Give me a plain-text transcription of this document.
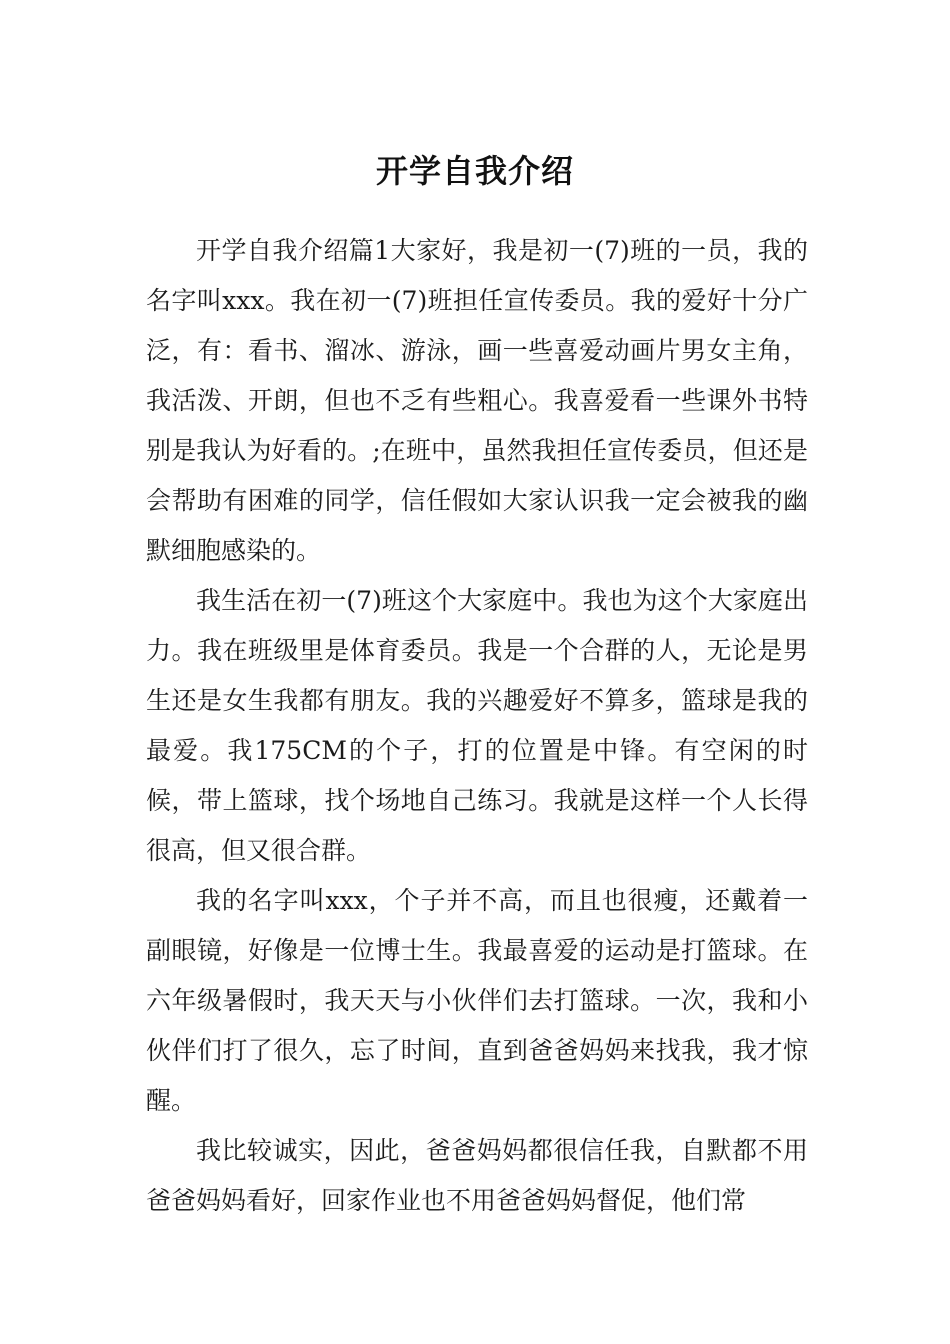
开学自我介绍

开学自我介绍篇1大家好，我是初一(7)班的一员，我的名字叫xxx。我在初一(7)班担任宣传委员。我的爱好十分广泛，有：看书、溜冰、游泳，画一些喜爱动画片男女主角，我活泼、开朗，但也不乏有些粗心。我喜爱看一些课外书特别是我认为好看的。;在班中，虽然我担任宣传委员，但还是会帮助有困难的同学，信任假如大家认识我一定会被我的幽默细胞感染的。

我生活在初一(7)班这个大家庭中。我也为这个大家庭出力。我在班级里是体育委员。我是一个合群的人，无论是男生还是女生我都有朋友。我的兴趣爱好不算多，篮球是我的最爱。我175CM的个子，打的位置是中锋。有空闲的时候，带上篮球，找个场地自己练习。我就是这样一个人长得很高，但又很合群。

我的名字叫xxx，个子并不高，而且也很瘦，还戴着一副眼镜，好像是一位博士生。我最喜爱的运动是打篮球。在六年级暑假时，我天天与小伙伴们去打篮球。一次，我和小伙伴们打了很久，忘了时间，直到爸爸妈妈来找我，我才惊醒。

我比较诚实，因此，爸爸妈妈都很信任我，自默都不用爸爸妈妈看好，回家作业也不用爸爸妈妈督促，他们常
